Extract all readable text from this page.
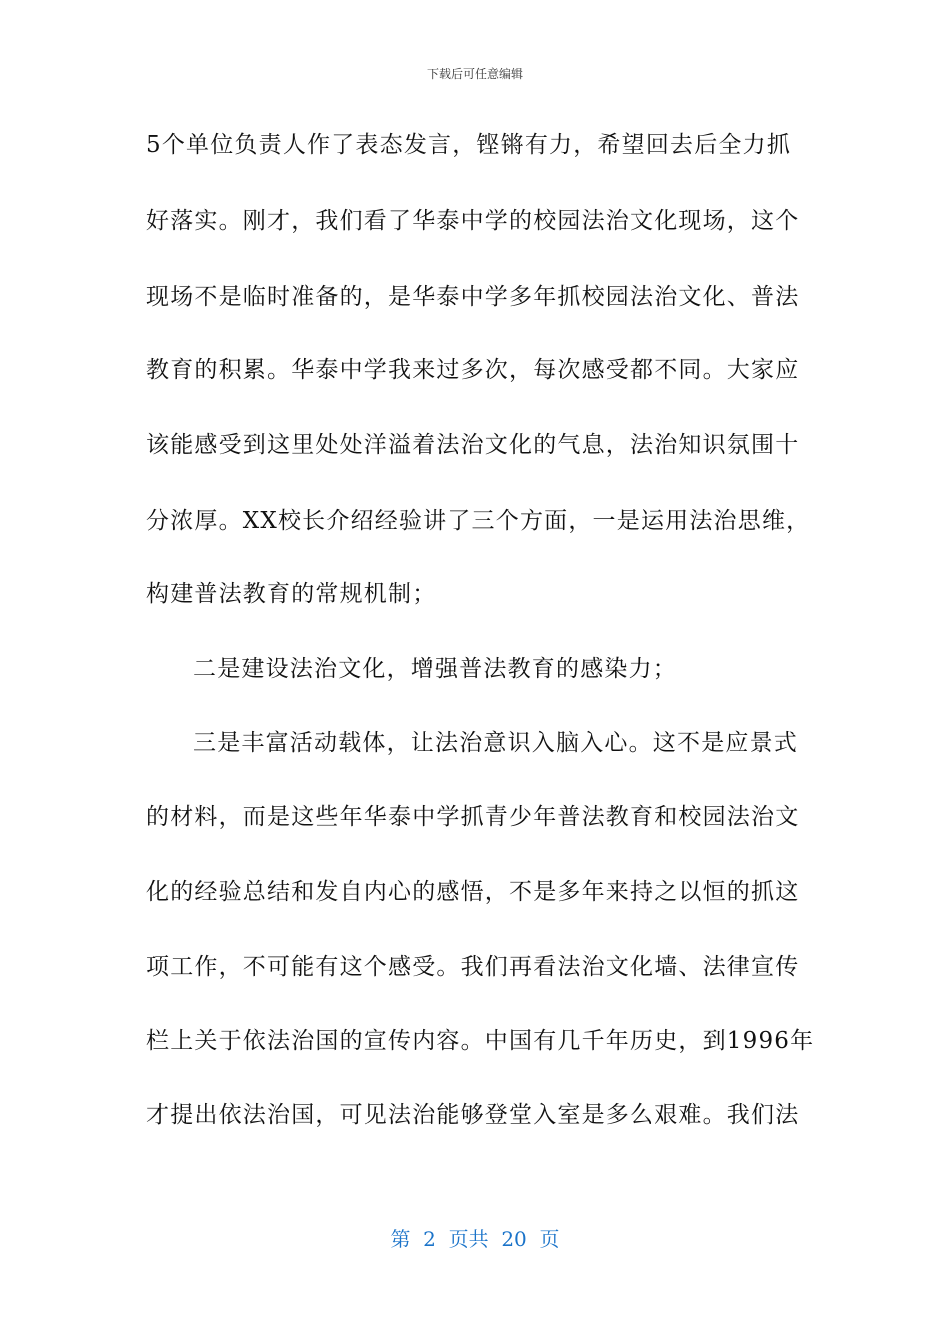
下载后可任意编辑
5个单位负责人作了表态发言，铿锵有力，希望回去后全力抓
好落实。刚才，我们看了华泰中学的校园法治文化现场，这个
现场不是临时准备的，是华泰中学多年抓校园法治文化、普法
教育的积累。华泰中学我来过多次，每次感受都不同。大家应
该能感受到这里处处洋溢着法治文化的气息，法治知识氛围十
分浓厚。XX校长介绍经验讲了三个方面，一是运用法治思维，
构建普法教育的常规机制；
二是建设法治文化，增强普法教育的感染力；
三是丰富活动载体，让法治意识入脑入心。这不是应景式
的材料，而是这些年华泰中学抓青少年普法教育和校园法治文
化的经验总结和发自内心的感悟，不是多年来持之以恒的抓这
项工作，不可能有这个感受。我们再看法治文化墙、法律宣传
栏上关于依法治国的宣传内容。中国有几千年历史，到1996年
才提出依法治国，可见法治能够登堂入室是多么艰难。我们法
第  2  页共  20  页
